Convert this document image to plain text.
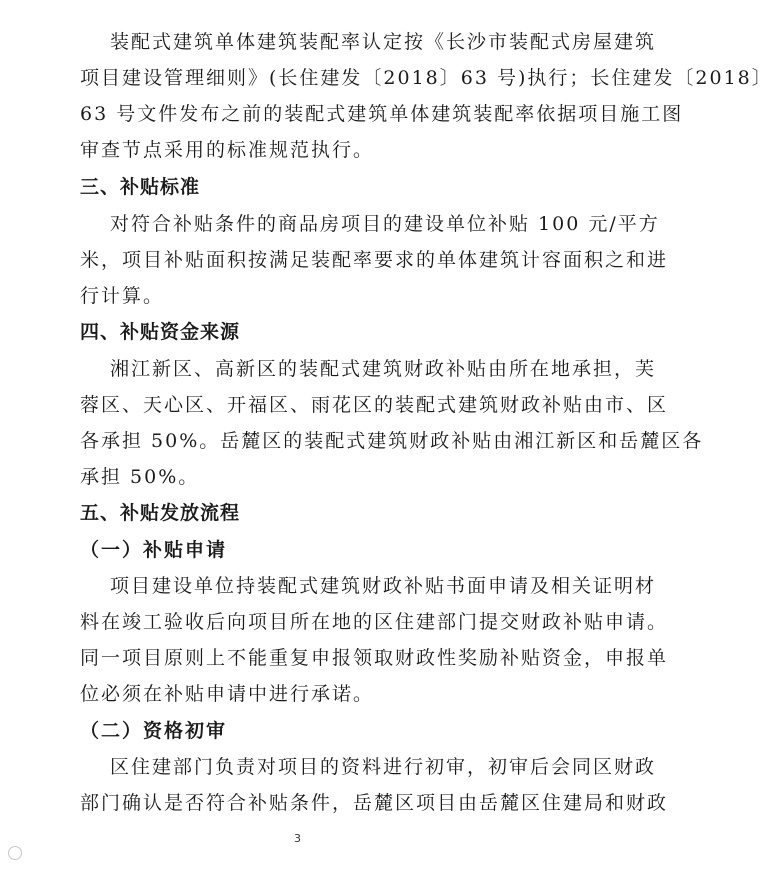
装配式建筑单体建筑装配率认定按《长沙市装配式房屋建筑
项目建设管理细则》(长住建发〔2018〕63 号)执行；长住建发〔2018〕
63 号文件发布之前的装配式建筑单体建筑装配率依据项目施工图
审查节点采用的标准规范执行。
三、补贴标准
对符合补贴条件的商品房项目的建设单位补贴 100 元/平方
米，项目补贴面积按满足装配率要求的单体建筑计容面积之和进
行计算。
四、补贴资金来源
湘江新区、高新区的装配式建筑财政补贴由所在地承担，芙
蓉区、天心区、开福区、雨花区的装配式建筑财政补贴由市、区
各承担 50%。岳麓区的装配式建筑财政补贴由湘江新区和岳麓区各
承担 50%。
五、补贴发放流程
（一）补贴申请
项目建设单位持装配式建筑财政补贴书面申请及相关证明材
料在竣工验收后向项目所在地的区住建部门提交财政补贴申请。
同一项目原则上不能重复申报领取财政性奖励补贴资金，申报单
位必须在补贴申请中进行承诺。
（二）资格初审
区住建部门负责对项目的资料进行初审，初审后会同区财政
部门确认是否符合补贴条件，岳麓区项目由岳麓区住建局和财政
3
